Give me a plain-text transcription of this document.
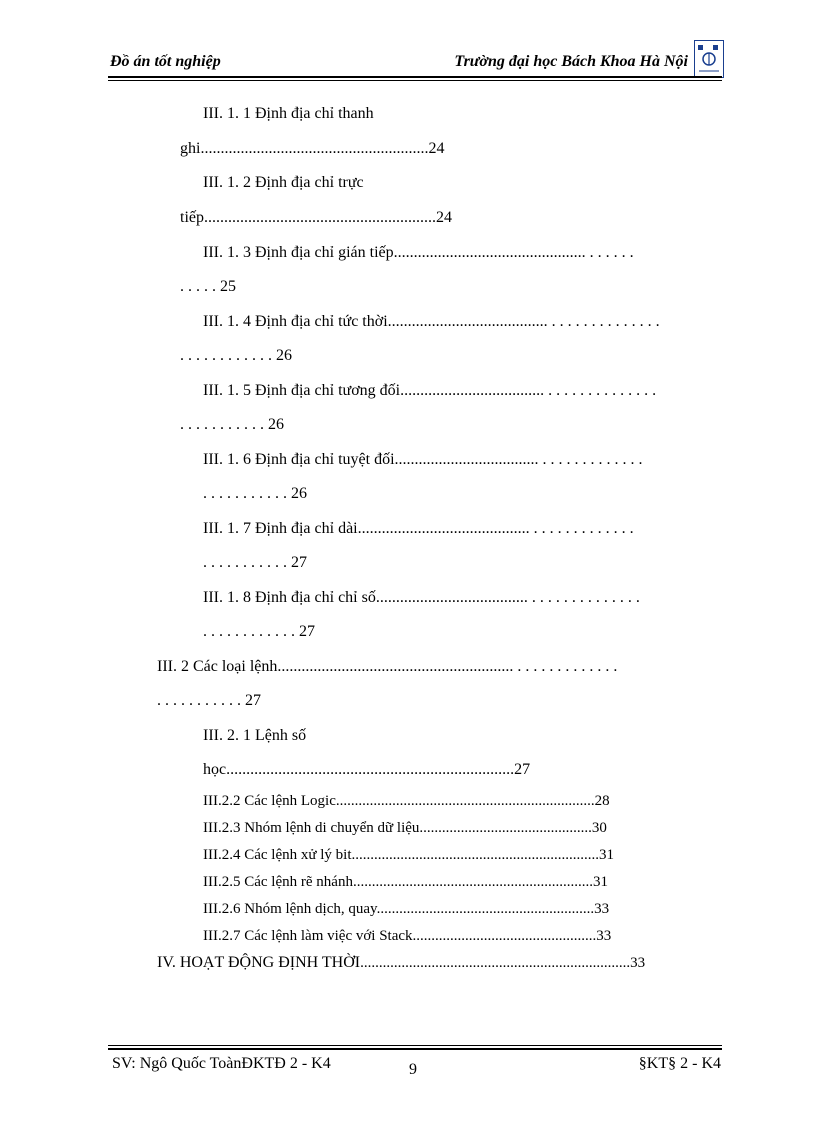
Đồ án tốt nghiệp	Trường đại học Bách Khoa Hà Nội
III. 1. 1 Định địa chỉ thanh
ghi.........................................................24
III. 1. 2 Định địa chỉ trực
tiếp..........................................................24
III. 1. 3 Định địa chỉ gián tiếp................................................ . . . . . .
. . . . . 25
III. 1. 4 Định địa chỉ tức thời........................................ . . . . . . . . . . . . . .
. . . . . . . . . . . . 26
III. 1. 5 Định địa chỉ tương đối.................................... . . . . . . . . . . . . . .
. . . . . . . . . . . 26
III. 1. 6 Định địa chỉ tuyệt đối.................................... . . . . . . . . . . . . .
. . . . . . . . . . . 26
III. 1. 7 Định địa chỉ dài........................................... . . . . . . . . . . . . .
. . . . . . . . . . . 27
III. 1. 8 Định địa chỉ chỉ số...................................... . . . . . . . . . . . . . .
. . . . . . . . . . . . 27
III. 2 Các loại lệnh........................................................... . . . . . . . . . . . . .
. . . . . . . . . . . 27
III. 2. 1 Lệnh số
học........................................................................27
III.2.2 Các lệnh Logic.....................................................................28
III.2.3 Nhóm lệnh di chuyển dữ liệu..............................................30
III.2.4 Các lệnh xử lý bit..................................................................31
III.2.5 Các lệnh rẽ nhánh................................................................31
III.2.6 Nhóm lệnh dịch, quay..........................................................33
III.2.7 Các lệnh làm việc với Stack.................................................33
IV. HOẠT ĐỘNG ĐỊNH THỜI........................................................................33
SV: Ngô Quốc ToànĐKTĐ 2 - K4	9	§KT§ 2 - K4
